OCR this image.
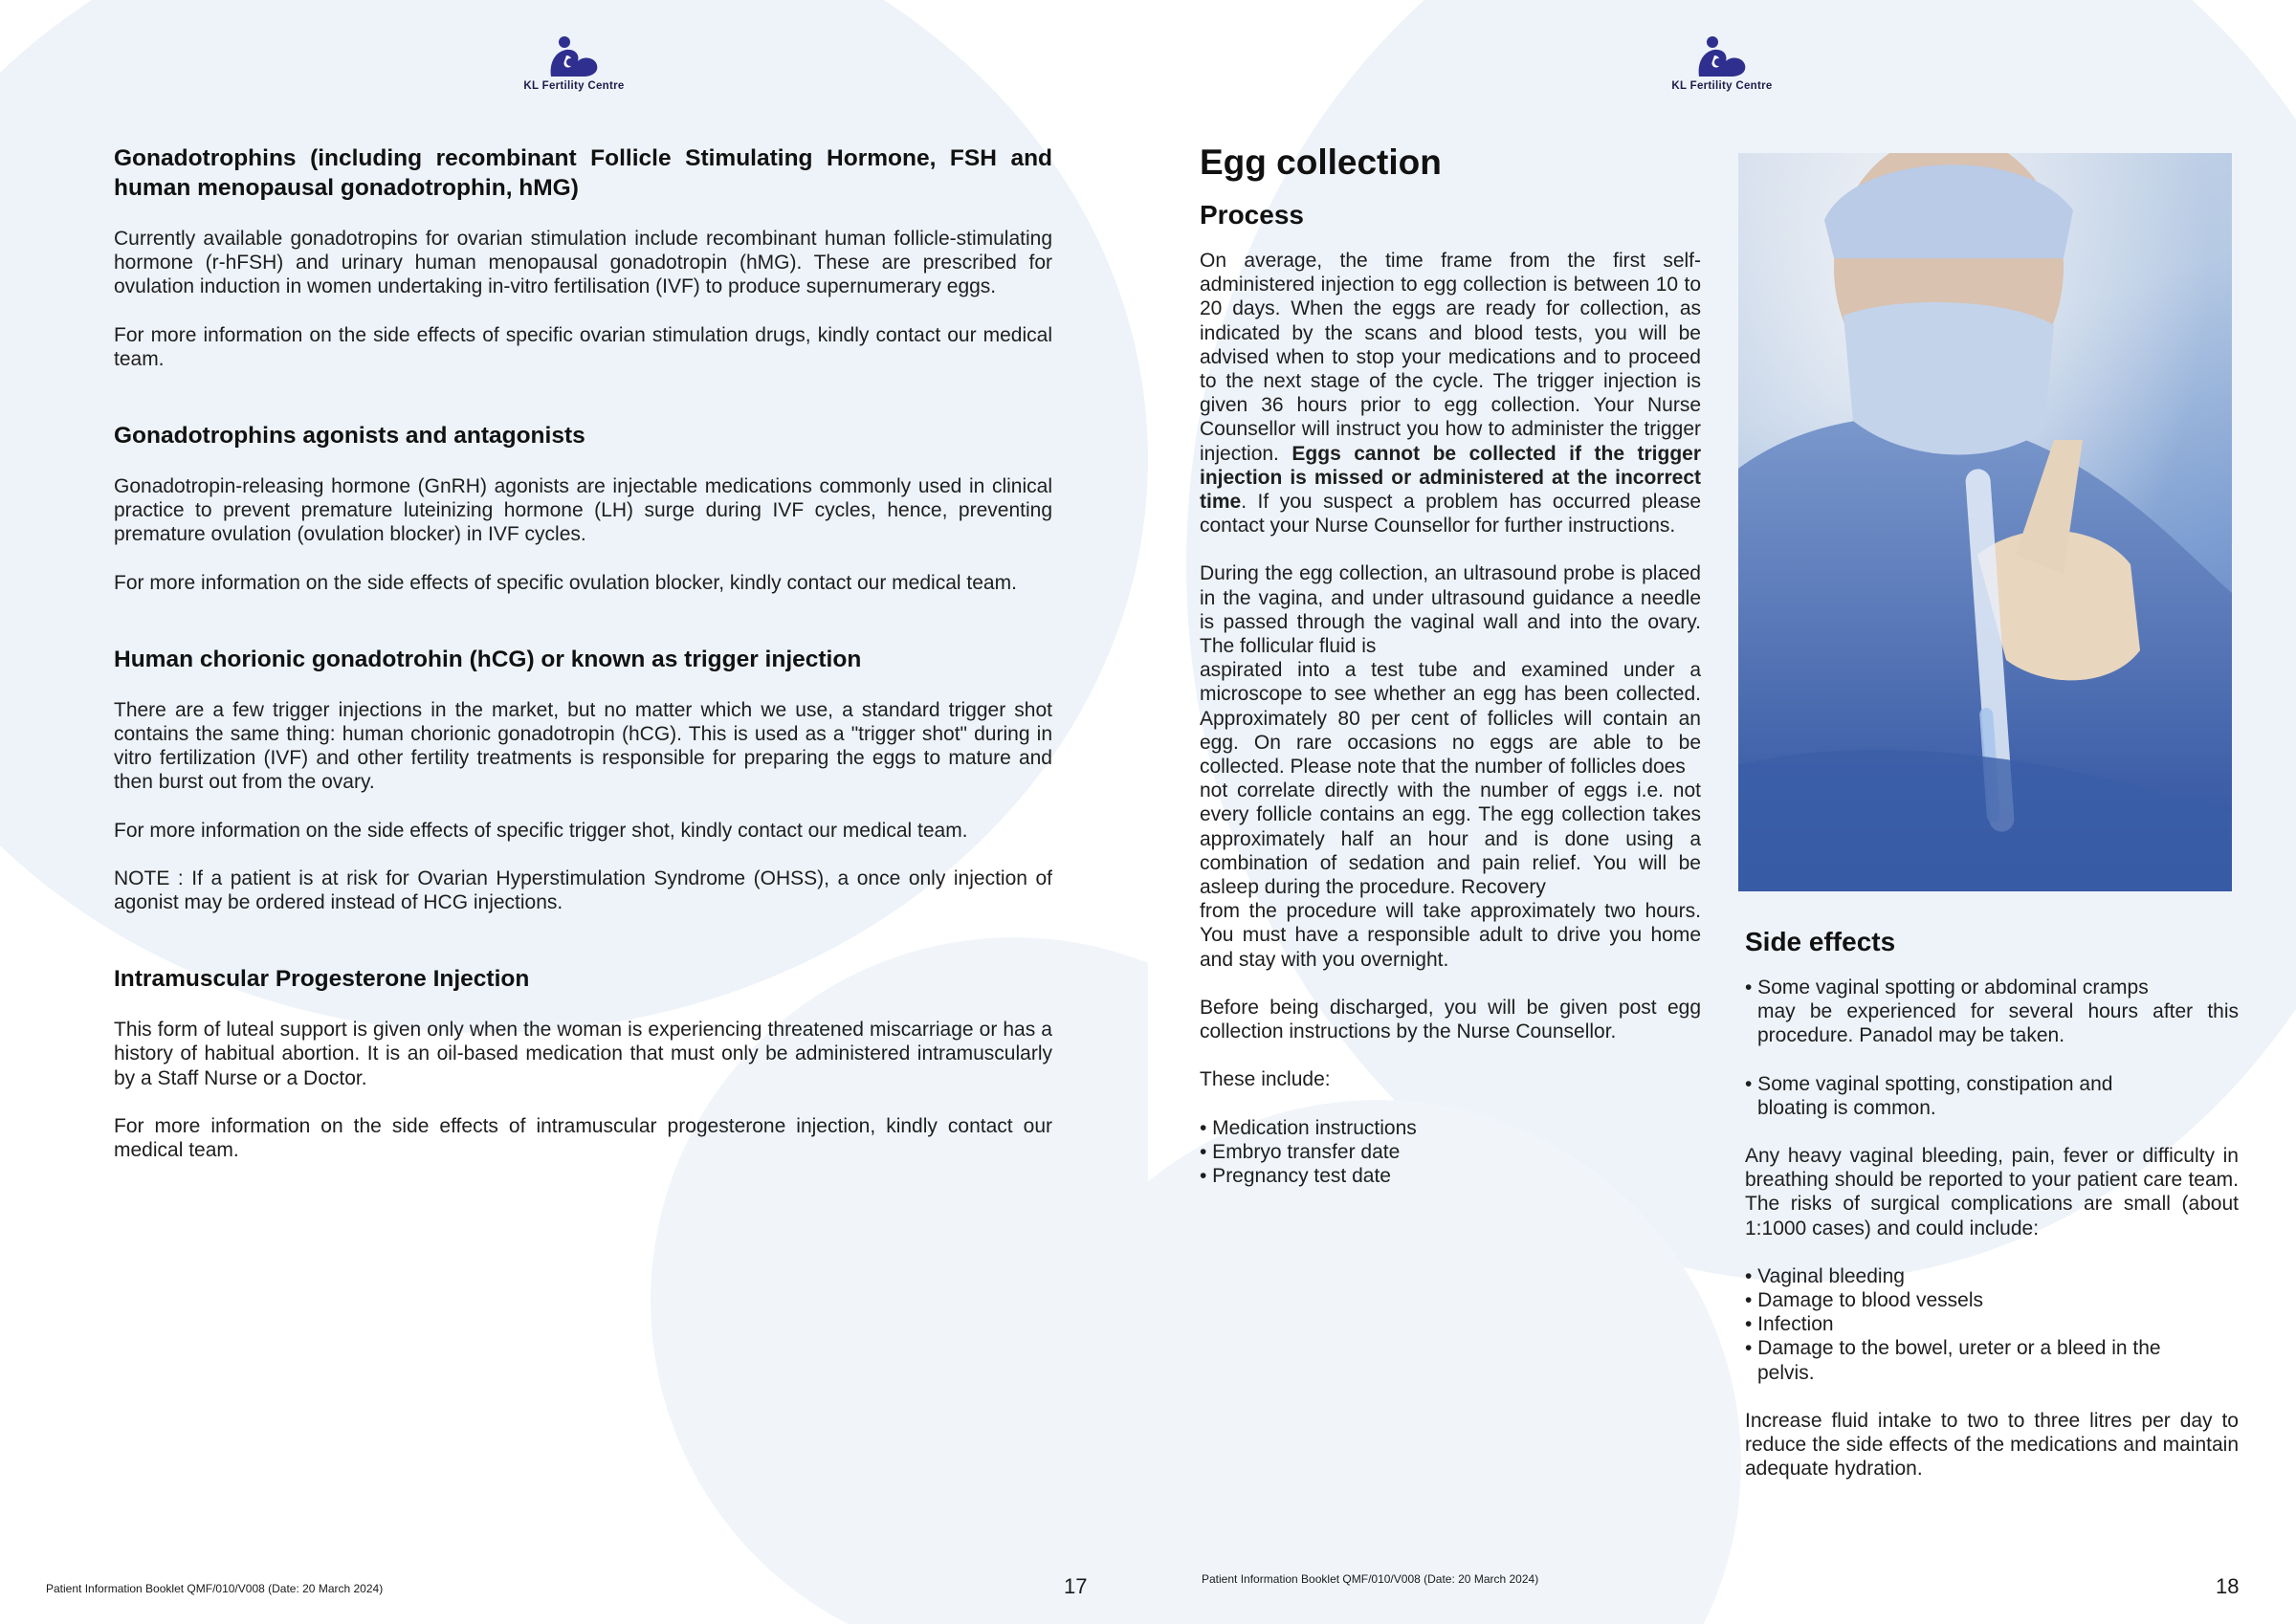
KL Fertility Centre
Gonadotrophins (including recombinant Follicle Stimulating Hormone, FSH and human menopausal gonadotrophin, hMG)
Currently available gonadotropins for ovarian stimulation include recombinant human follicle-stimulating hormone (r-hFSH) and urinary human menopausal gonadotropin (hMG). These are prescribed for ovulation induction in women undertaking in-vitro fertilisation (IVF) to produce supernumerary eggs.
For more information on the side effects of specific ovarian stimulation drugs, kindly contact our medical team.
Gonadotrophins agonists and antagonists
Gonadotropin-releasing hormone (GnRH) agonists are injectable medications commonly used in clinical practice to prevent premature luteinizing hormone (LH) surge during IVF cycles, hence, preventing premature ovulation (ovulation blocker) in IVF cycles.
For more information on the side effects of specific ovulation blocker, kindly contact our medical team.
Human chorionic gonadotrohin (hCG) or known as trigger injection
There are a few trigger injections in the market, but no matter which we use, a standard trigger shot contains the same thing: human chorionic gonadotropin (hCG). This is used as a "trigger shot" during in vitro fertilization (IVF) and other fertility treatments is responsible for preparing the eggs to mature and then burst out from the ovary.
For more information on the side effects of specific trigger shot, kindly contact our medical team.
NOTE : If a patient is at risk for Ovarian Hyperstimulation Syndrome (OHSS), a once only injection of agonist may be ordered instead of HCG injections.
Intramuscular Progesterone Injection
This form of luteal support is given only when the woman is experiencing threatened miscarriage or has a history of habitual abortion. It is an oil-based medication that must only be administered intramuscularly by a Staff Nurse or a Doctor.
For more information on the side effects of intramuscular progesterone injection, kindly contact our medical team.
Patient Information Booklet QMF/010/V008 (Date: 20 March 2024)	17
KL Fertility Centre
Egg collection
Process
On average, the time frame from the first self-administered injection to egg collection is between 10 to 20 days. When the eggs are ready for collection, as indicated by the scans and blood tests, you will be advised when to stop your medications and to proceed to the next stage of the cycle. The trigger injection is given 36 hours prior to egg collection. Your Nurse Counsellor will instruct you how to administer the trigger injection. Eggs cannot be collected if the trigger injection is missed or administered at the incorrect time. If you suspect a problem has occurred please contact your Nurse Counsellor for further instructions.
During the egg collection, an ultrasound probe is placed in the vagina, and under ultrasound guidance a needle is passed through the vaginal wall and into the ovary. The follicular fluid is
aspirated into a test tube and examined under a microscope to see whether an egg has been collected. Approximately 80 per cent of follicles will contain an egg. On rare occasions no eggs are able to be collected. Please note that the number of follicles does
not correlate directly with the number of eggs i.e. not every follicle contains an egg. The egg collection takes approximately half an hour and is done using a combination of sedation and pain relief. You will be asleep during the procedure. Recovery
from the procedure will take approximately two hours. You must have a responsible adult to drive you home and stay with you overnight.
Before being discharged, you will be given post egg collection instructions by the Nurse Counsellor.
These include:
• Medication instructions
• Embryo transfer date
• Pregnancy test date
Side effects
• Some vaginal spotting or abdominal cramps
may be experienced for several hours after this procedure. Panadol may be taken.
• Some vaginal spotting, constipation and
bloating is common.
Any heavy vaginal bleeding, pain, fever or difficulty in breathing should be reported to your patient care team. The risks of surgical complications are small (about 1:1000 cases) and could include:
• Vaginal bleeding
• Damage to blood vessels
• Infection
• Damage to the bowel, ureter or a bleed in the
pelvis.
Increase fluid intake to two to three litres per day to reduce the side effects of the medications and maintain adequate hydration.
Patient Information Booklet QMF/010/V008 (Date: 20 March 2024)	18
